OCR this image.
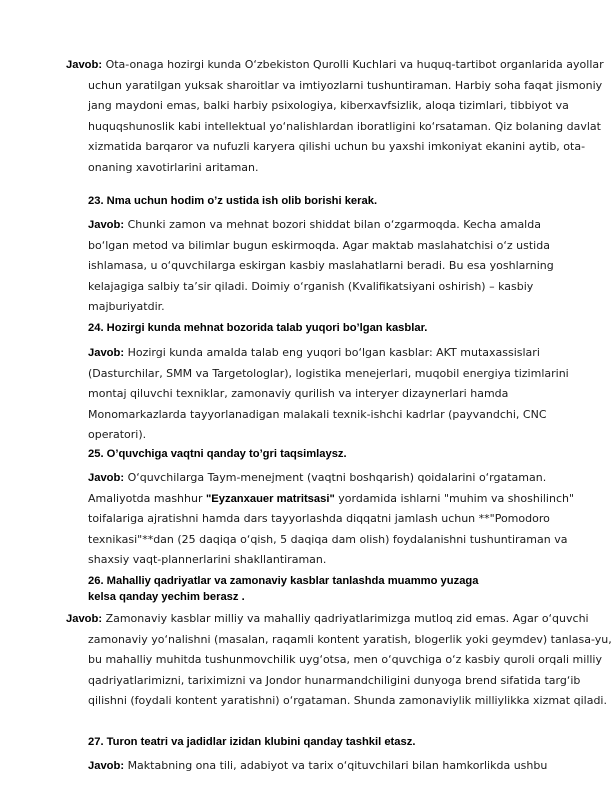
Javob: Ota-onaga hozirgi kunda O‘zbekiston Qurolli Kuchlari va huquq-tartibot organlarida ayollar uchun yaratilgan yuksak sharoitlar va imtiyozlarni tushuntiraman. Harbiy soha faqat jismoniy jang maydoni emas, balki harbiy psixologiya, kiberxavfsizlik, aloqa tizimlari, tibbiyot va huquqshunoslik kabi intellektual yo‘nalishlardan iboratligini ko‘rsataman. Qiz bolaning davlat xizmatida barqaror va nufuzli karyera qilishi uchun bu yaxshi imkoniyat ekanini aytib, ota-onaning xavotirlarini aritaman.
23. Nma uchun hodim o’z ustida ish olib borishi kerak.
Javob: Chunki zamon va mehnat bozori shiddat bilan o‘zgarmoqda. Kecha amalda bo‘lgan metod va bilimlar bugun eskirmoqda. Agar maktab maslahatchisi o‘z ustida ishlamasa, u o‘quvchilarga eskirgan kasbiy maslahatlarni beradi. Bu esa yoshlarning kelajagiga salbiy ta’sir qiladi. Doimiy o‘rganish (Kvalifikatsiyani oshirish) – kasbiy majburiyatdir.
24. Hozirgi kunda mehnat bozorida talab yuqori bo’lgan kasblar.
Javob: Hozirgi kunda amalda talab eng yuqori bo‘lgan kasblar: AKT mutaxassislari (Dasturchilar, SMM va Targetologlar), logistika menejerlari, muqobil energiya tizimlarini montaj qiluvchi texniklar, zamonaviy qurilish va interyer dizaynerlari hamda Monomarkazlarda tayyorlanadigan malakali texnik-ishchi kadrlar (payvandchi, CNC operatori).
25. O’quvchiga vaqtni qanday to’gri taqsimlaysz.
Javob: O‘quvchilarga Taym-menejment (vaqtni boshqarish) qoidalarini o‘rgataman. Amaliyotda mashhur "Eyzanxauer matritsasi" yordamida ishlarni "muhim va shoshilinch" toifalariga ajratishni hamda dars tayyorlashda diqqatni jamlash uchun **"Pomodoro texnikasi"**dan (25 daqiqa o‘qish, 5 daqiqa dam olish) foydalanishni tushuntiraman va shaxsiy vaqt-plannerlarini shakllantiraman.
26. Mahalliy qadriyatlar va zamonaviy kasblar tanlashda muammo yuzaga
kelsa qanday yechim berasz .
Javob: Zamonaviy kasblar milliy va mahalliy qadriyatlarimizga mutloq zid emas. Agar o‘quvchi zamonaviy yo‘nalishni (masalan, raqamli kontent yaratish, blogerlik yoki geymdev) tanlasa-yu, bu mahalliy muhitda tushunmovchilik uyg‘otsa, men o‘quvchiga o‘z kasbiy quroli orqali milliy qadriyatlarimizni, tariximizni va Jondor hunarmandchiligini dunyoga brend sifatida targ‘ib qilishni (foydali kontent yaratishni) o‘rgataman. Shunda zamonaviylik milliylikka xizmat qiladi.
27. Turon teatri va jadidlar izidan klubini qanday tashkil etasz.
Javob: Maktabning ona tili, adabiyot va tarix o‘qituvchilari bilan hamkorlikda ushbu
